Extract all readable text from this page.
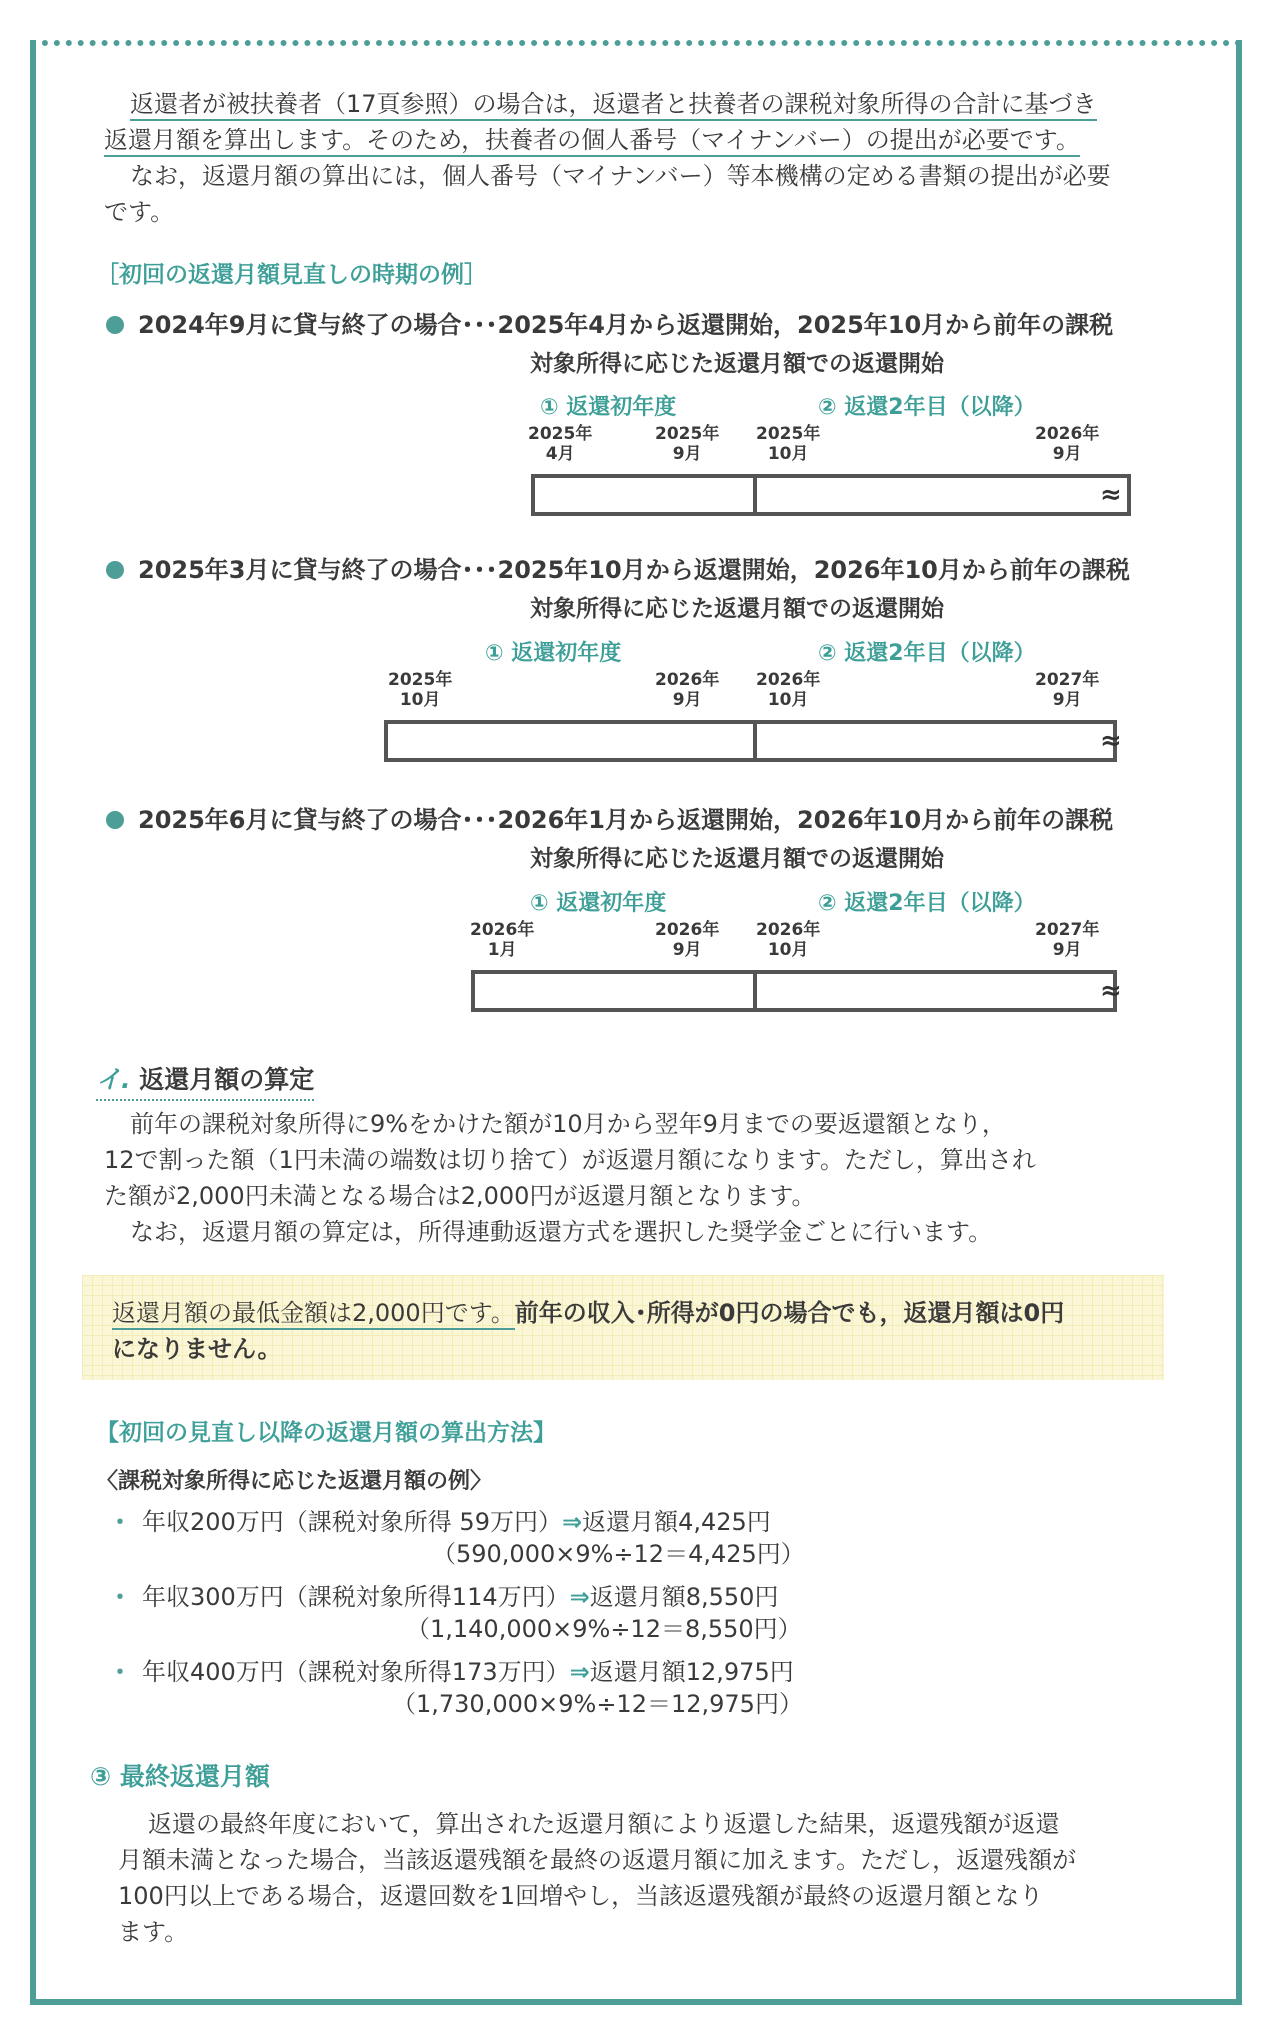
返還者が被扶養者（17頁参照）の場合は，返還者と扶養者の課税対象所得の合計に基づき
返還月額を算出します。そのため，扶養者の個人番号（マイナンバー）の提出が必要です。
なお，返還月額の算出には，個人番号（マイナンバー）等本機構の定める書類の提出が必要
です。
［初回の返還月額見直しの時期の例］
2024年9月に貸与終了の場合･･･2025年4月から返還開始，2025年10月から前年の課税
対象所得に応じた返還月額での返還開始
① 返還初年度	② 返還2年目（以降）
2025年
4月
2025年
9月
2025年
10月
2026年
9月
≈
2025年3月に貸与終了の場合･･･2025年10月から返還開始，2026年10月から前年の課税
対象所得に応じた返還月額での返還開始
① 返還初年度	② 返還2年目（以降）
2025年
10月
2026年
9月
2026年
10月
2027年
9月
≈
2025年6月に貸与終了の場合･･･2026年1月から返還開始，2026年10月から前年の課税
対象所得に応じた返還月額での返還開始
① 返還初年度	② 返還2年目（以降）
2026年
1月
2026年
9月
2026年
10月
2027年
9月
≈
イ. 返還月額の算定
前年の課税対象所得に9%をかけた額が10月から翌年9月までの要返還額となり，
12で割った額（1円未満の端数は切り捨て）が返還月額になります。ただし，算出され
た額が2,000円未満となる場合は2,000円が返還月額となります。
なお，返還月額の算定は，所得連動返還方式を選択した奨学金ごとに行います。
返還月額の最低金額は2,000円です。前年の収入･所得が0円の場合でも，返還月額は0円
になりません。
【初回の見直し以降の返還月額の算出方法】
〈課税対象所得に応じた返還月額の例〉
・ 年収200万円（課税対象所得 59万円）⇒返還月額4,425円
（590,000×9%÷12＝4,425円）
・ 年収300万円（課税対象所得114万円）⇒返還月額8,550円
（1,140,000×9%÷12＝8,550円）
・ 年収400万円（課税対象所得173万円）⇒返還月額12,975円
（1,730,000×9%÷12＝12,975円）
③ 最終返還月額
返還の最終年度において，算出された返還月額により返還した結果，返還残額が返還
月額未満となった場合，当該返還残額を最終の返還月額に加えます。ただし，返還残額が
100円以上である場合，返還回数を1回増やし，当該返還残額が最終の返還月額となり
ます。
